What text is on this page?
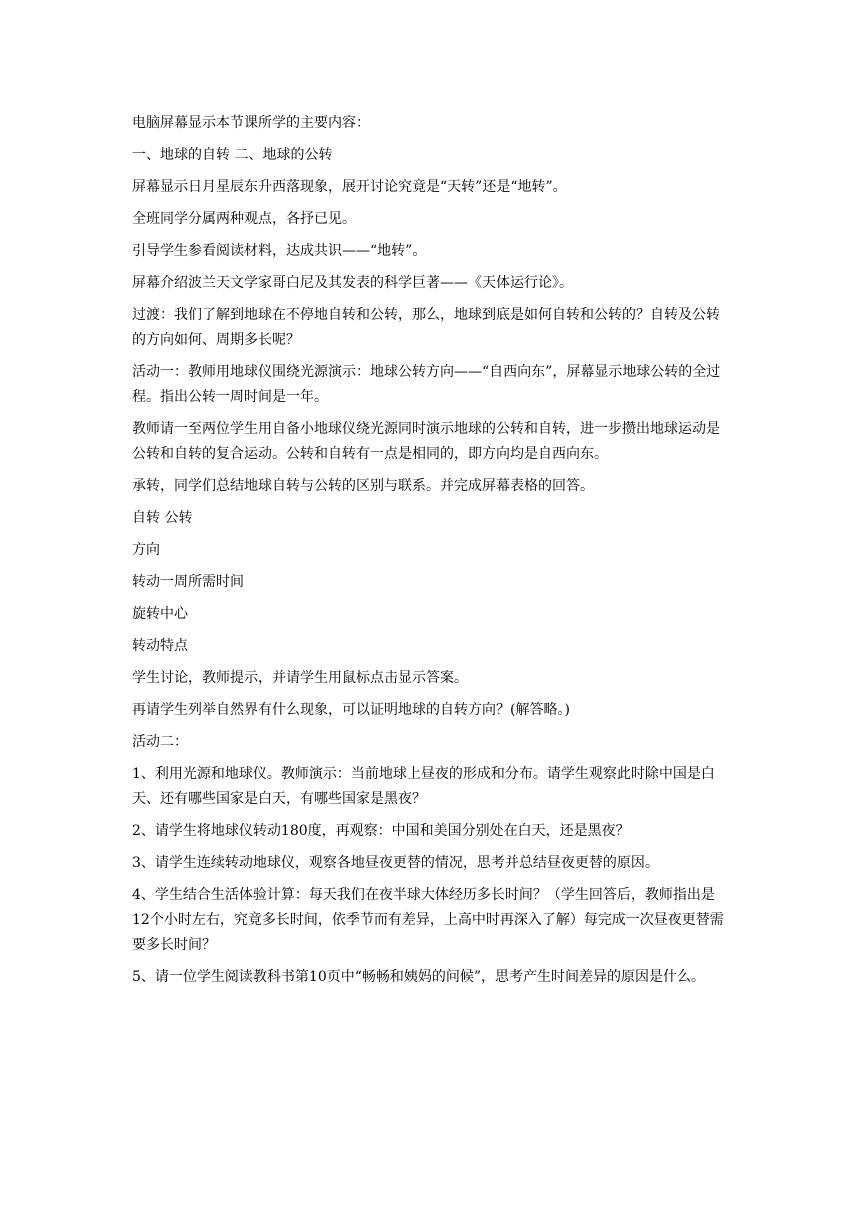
电脑屏幕显示本节课所学的主要内容：

一、地球的自转 二、地球的公转

屏幕显示日月星辰东升西落现象，展开讨论究竟是“天转”还是“地转”。

全班同学分属两种观点，各抒已见。

引导学生参看阅读材料，达成共识——“地转”。

屏幕介绍波兰天文学家哥白尼及其发表的科学巨著——《天体运行论》。

过渡：我们了解到地球在不停地自转和公转，那么，地球到底是如何自转和公转的？自转及公转的方向如何、周期多长呢？

活动一：教师用地球仪围绕光源演示：地球公转方向——“自西向东”，屏幕显示地球公转的全过程。指出公转一周时间是一年。

教师请一至两位学生用自备小地球仪绕光源同时演示地球的公转和自转，进一步攒出地球运动是公转和自转的复合运动。公转和自转有一点是相同的，即方向均是自西向东。

承转，同学们总结地球自转与公转的区别与联系。并完成屏幕表格的回答。

自转 公转

方向

转动一周所需时间

旋转中心

转动特点

学生讨论，教师提示，并请学生用鼠标点击显示答案。

再请学生列举自然界有什么现象，可以证明地球的自转方向？(解答略。)

活动二：

1、利用光源和地球仪。教师演示：当前地球上昼夜的形成和分布。请学生观察此时除中国是白天、还有哪些国家是白天，有哪些国家是黑夜？

2、请学生将地球仪转动180度，再观察：中国和美国分别处在白天，还是黑夜？

3、请学生连续转动地球仪，观察各地昼夜更替的情况，思考并总结昼夜更替的原因。

4、学生结合生活体验计算：每天我们在夜半球大体经历多长时间？（学生回答后，教师指出是12个小时左右，究竟多长时间，依季节而有差异，上高中时再深入了解）每完成一次昼夜更替需要多长时间？

5、请一位学生阅读教科书第10页中“畅畅和姨妈的问候”，思考产生时间差异的原因是什么。
